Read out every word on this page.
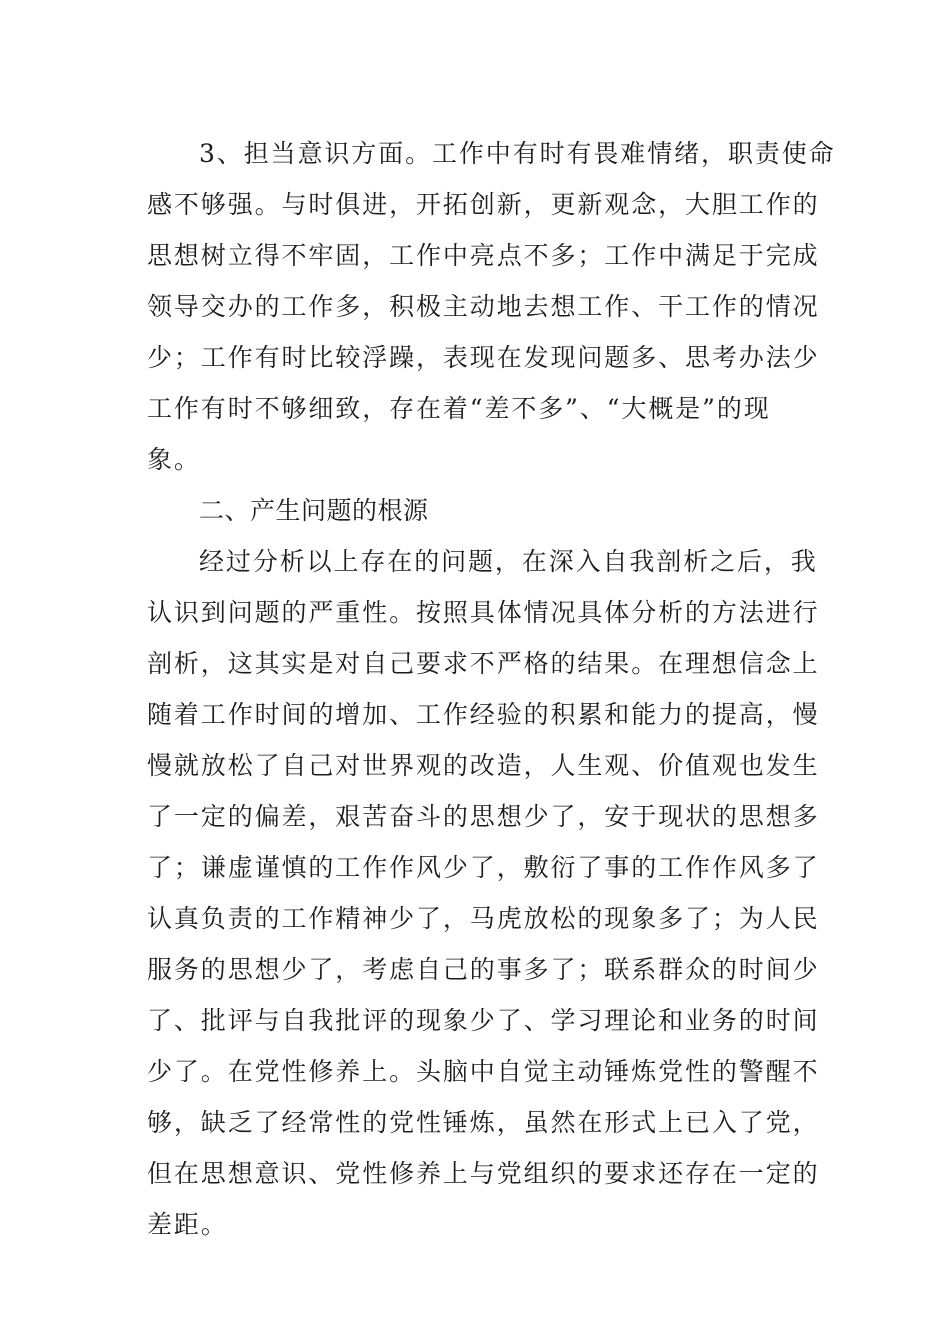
3、担当意识方面。工作中有时有畏难情绪，职责使命
感不够强。与时俱进，开拓创新，更新观念，大胆工作的
思想树立得不牢固，工作中亮点不多；工作中满足于完成
领导交办的工作多，积极主动地去想工作、干工作的情况
少；工作有时比较浮躁，表现在发现问题多、思考办法少
工作有时不够细致，存在着“差不多”、“大概是”的现
象。
二、产生问题的根源
经过分析以上存在的问题，在深入自我剖析之后，我
认识到问题的严重性。按照具体情况具体分析的方法进行
剖析，这其实是对自己要求不严格的结果。在理想信念上
随着工作时间的增加、工作经验的积累和能力的提高，慢
慢就放松了自己对世界观的改造，人生观、价值观也发生
了一定的偏差，艰苦奋斗的思想少了，安于现状的思想多
了；谦虚谨慎的工作作风少了，敷衍了事的工作作风多了
认真负责的工作精神少了，马虎放松的现象多了；为人民
服务的思想少了，考虑自己的事多了；联系群众的时间少
了、批评与自我批评的现象少了、学习理论和业务的时间
少了。在党性修养上。头脑中自觉主动锤炼党性的警醒不
够，缺乏了经常性的党性锤炼，虽然在形式上已入了党，
但在思想意识、党性修养上与党组织的要求还存在一定的
差距。
